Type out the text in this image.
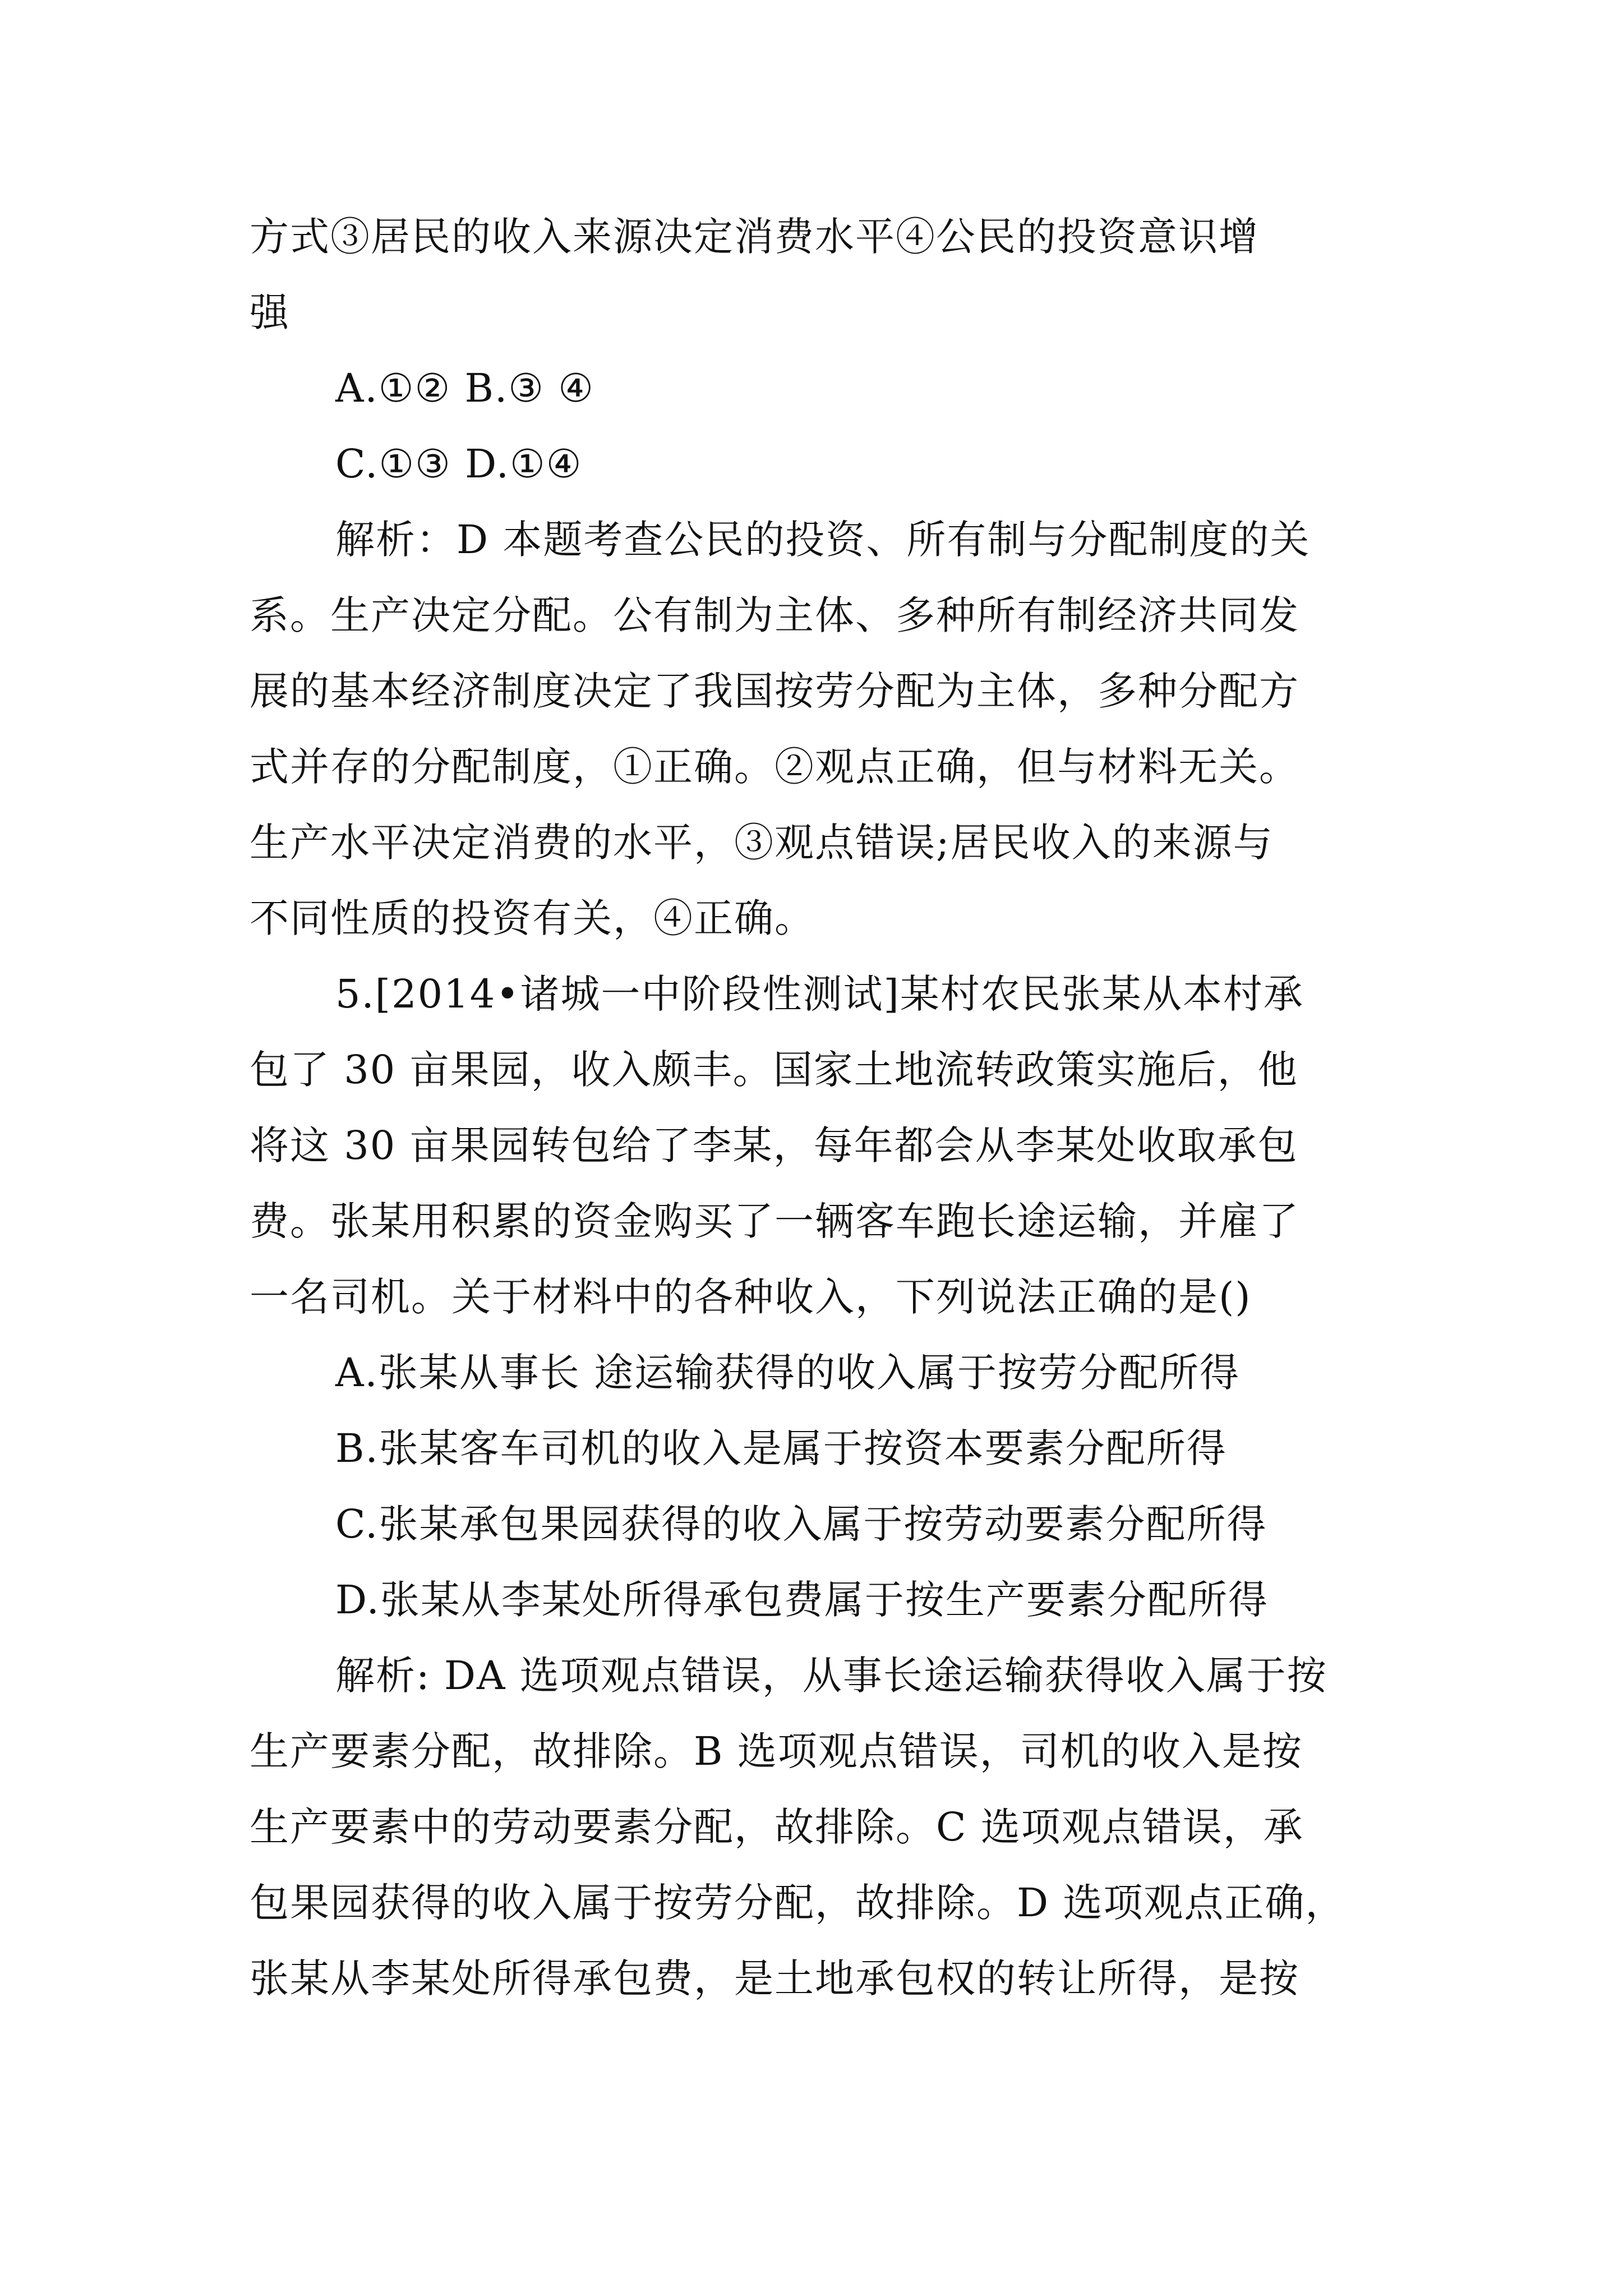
方式③居民的收入来源决定消费水平④公民的投资意识增

强

A.①② B.③ ④

C.①③ D.①④

解析：D 本题考查公民的投资、所有制与分配制度的关

系。生产决定分配。公有制为主体、多种所有制经济共同发

展的基本经济制度决定了我国按劳分配为主体，多种分配方

式并存的分配制度，①正确。②观点正确，但与材料无关。

生产水平决定消费的水平，③观点错误;居民收入的来源与

不同性质的投资有关，④正确。

5.[2014•诸城一中阶段性测试]某村农民张某从本村承

包了 30 亩果园，收入颇丰。国家土地流转政策实施后，他

将这 30 亩果园转包给了李某，每年都会从李某处收取承包

费。张某用积累的资金购买了一辆客车跑长途运输，并雇了

一名司机。关于材料中的各种收入，下列说法正确的是()

A.张某从事长 途运输获得的收入属于按劳分配所得

B.张某客车司机的收入是属于按资本要素分配所得

C.张某承包果园获得的收入属于按劳动要素分配所得

D.张某从李某处所得承包费属于按生产要素分配所得

解析: DA 选项观点错误，从事长途运输获得收入属于按

生产要素分配，故排除。B 选项观点错误，司机的收入是按

生产要素中的劳动要素分配，故排除。C 选项观点错误，承

包果园获得的收入属于按劳分配，故排除。D 选项观点正确，

张某从李某处所得承包费，是土地承包权的转让所得，是按
